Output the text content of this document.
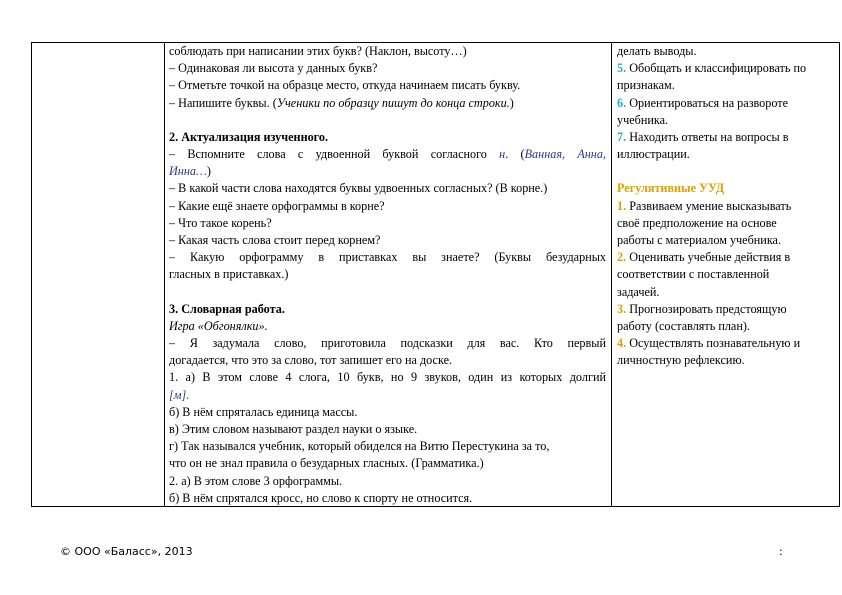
соблюдать при написании этих букв? (Наклон, высоту…)
– Одинаковая ли высота у данных букв?
– Отметьте точкой на образце место, откуда начинаем писать букву.
– Напишите буквы. (Ученики по образцу пишут до конца строки.)
2. Актуализация изученного.
– Вспомните слова с удвоенной буквой согласного н. (Ванная, Анна,
Инна…)
– В какой части слова находятся буквы удвоенных согласных? (В корне.)
– Какие ещё знаете орфограммы в корне?
– Что такое корень?
– Какая часть слова стоит перед корнем?
– Какую орфограмму в приставках вы знаете? (Буквы безударных
гласных в приставках.)
3. Словарная работа.
Игра «Обгонялки».
– Я задумала слово, приготовила подсказки для вас. Кто первый
догадается, что это за слово, тот запишет его на доске.
1. а) В этом слове 4 слога, 10 букв, но 9 звуков, один из которых долгий
[м].
б) В нём спряталась единица массы.
в) Этим словом называют раздел науки о языке.
г) Так назывался учебник, который обиделся на Витю Перестукина за то,
что он не знал правила о безударных гласных. (Грамматика.)
2. а) В этом слове 3 орфограммы.
б) В нём спрятался кросс, но слово к спорту не относится.
делать выводы.
5. Обобщать и классифицировать по
признакам.
6. Ориентироваться на развороте
учебника.
7. Находить ответы на вопросы в
иллюстрации.
Регулятивные УУД
1. Развиваем умение высказывать
своё предположение на основе
работы с материалом учебника.
2. Оценивать учебные действия в
соответствии с поставленной
задачей.
3. Прогнозировать предстоящую
работу (составлять план).
4. Осуществлять познавательную и
личностную рефлексию.
© ООО «Баласс», 2013	:
